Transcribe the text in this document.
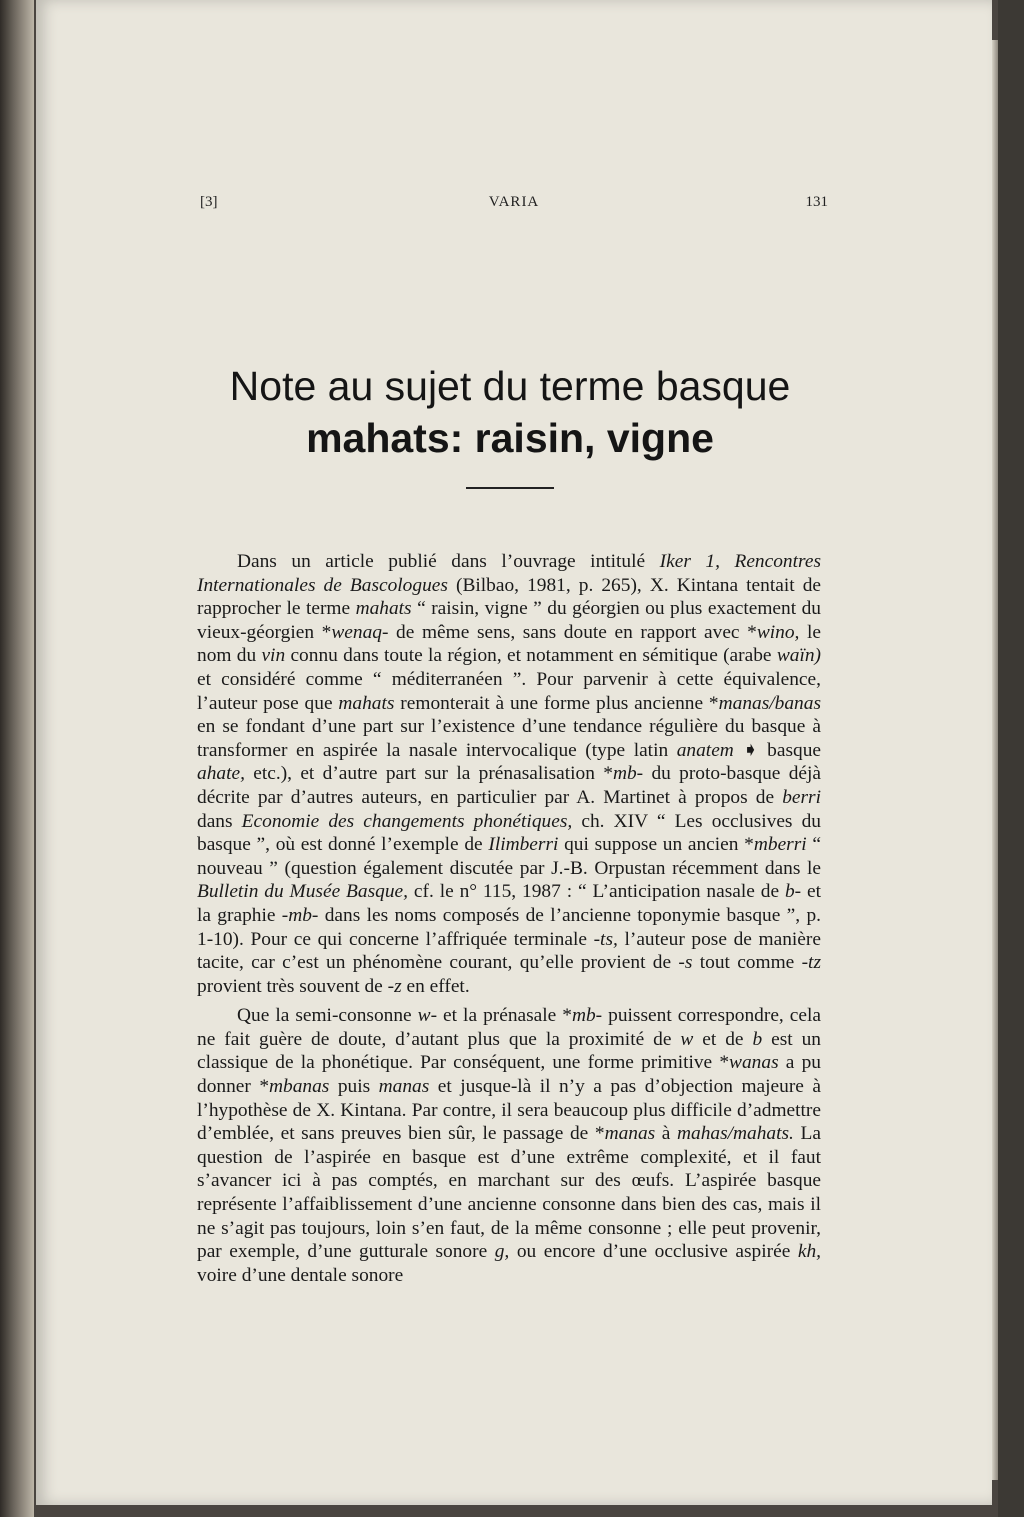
[3]	VARIA	131
Note au sujet du terme basque
mahats: raisin, vigne

Dans un article publié dans l’ouvrage intitulé Iker 1, Rencontres Internationales de Bascologues (Bilbao, 1981, p. 265), X. Kintana tentait de rapprocher le terme mahats “ raisin, vigne ” du géorgien ou plus exactement du vieux-géorgien *wenaq- de même sens, sans doute en rapport avec *wino, le nom du vin connu dans toute la région, et notamment en sémitique (arabe waïn) et considéré comme “ méditerranéen ”. Pour parvenir à cette équivalence, l’auteur pose que mahats remonterait à une forme plus ancienne *manas/banas en se fondant d’une part sur l’existence d’une tendance régulière du basque à transformer en aspirée la nasale intervocalique (type latin anatem ➧ basque ahate, etc.), et d’autre part sur la prénasalisation *mb- du proto-basque déjà décrite par d’autres auteurs, en particulier par A. Martinet à propos de berri dans Economie des changements phonétiques, ch. XIV “ Les occlusives du basque ”, où est donné l’exemple de Ilimberri qui suppose un ancien *mberri “ nouveau ” (question également discutée par J.-B. Orpustan récemment dans le Bulletin du Musée Basque, cf. le n° 115, 1987 : “ L’anticipation nasale de b- et la graphie -mb- dans les noms composés de l’ancienne toponymie basque ”, p. 1-10). Pour ce qui concerne l’affriquée terminale -ts, l’auteur pose de manière tacite, car c’est un phénomène courant, qu’elle provient de -s tout comme -tz provient très souvent de -z en effet.

Que la semi-consonne w- et la prénasale *mb- puissent correspondre, cela ne fait guère de doute, d’autant plus que la proximité de w et de b est un classique de la phonétique. Par conséquent, une forme primitive *wanas a pu donner *mbanas puis manas et jusque-là il n’y a pas d’objection majeure à l’hypothèse de X. Kintana. Par contre, il sera beaucoup plus difficile d’admettre d’emblée, et sans preuves bien sûr, le passage de *manas à mahas/mahats. La question de l’aspirée en basque est d’une extrême complexité, et il faut s’avancer ici à pas comptés, en marchant sur des œufs. L’aspirée basque représente l’affaiblissement d’une ancienne consonne dans bien des cas, mais il ne s’agit pas toujours, loin s’en faut, de la même consonne ; elle peut provenir, par exemple, d’une gutturale sonore g, ou encore d’une occlusive aspirée kh, voire d’une dentale sonore
